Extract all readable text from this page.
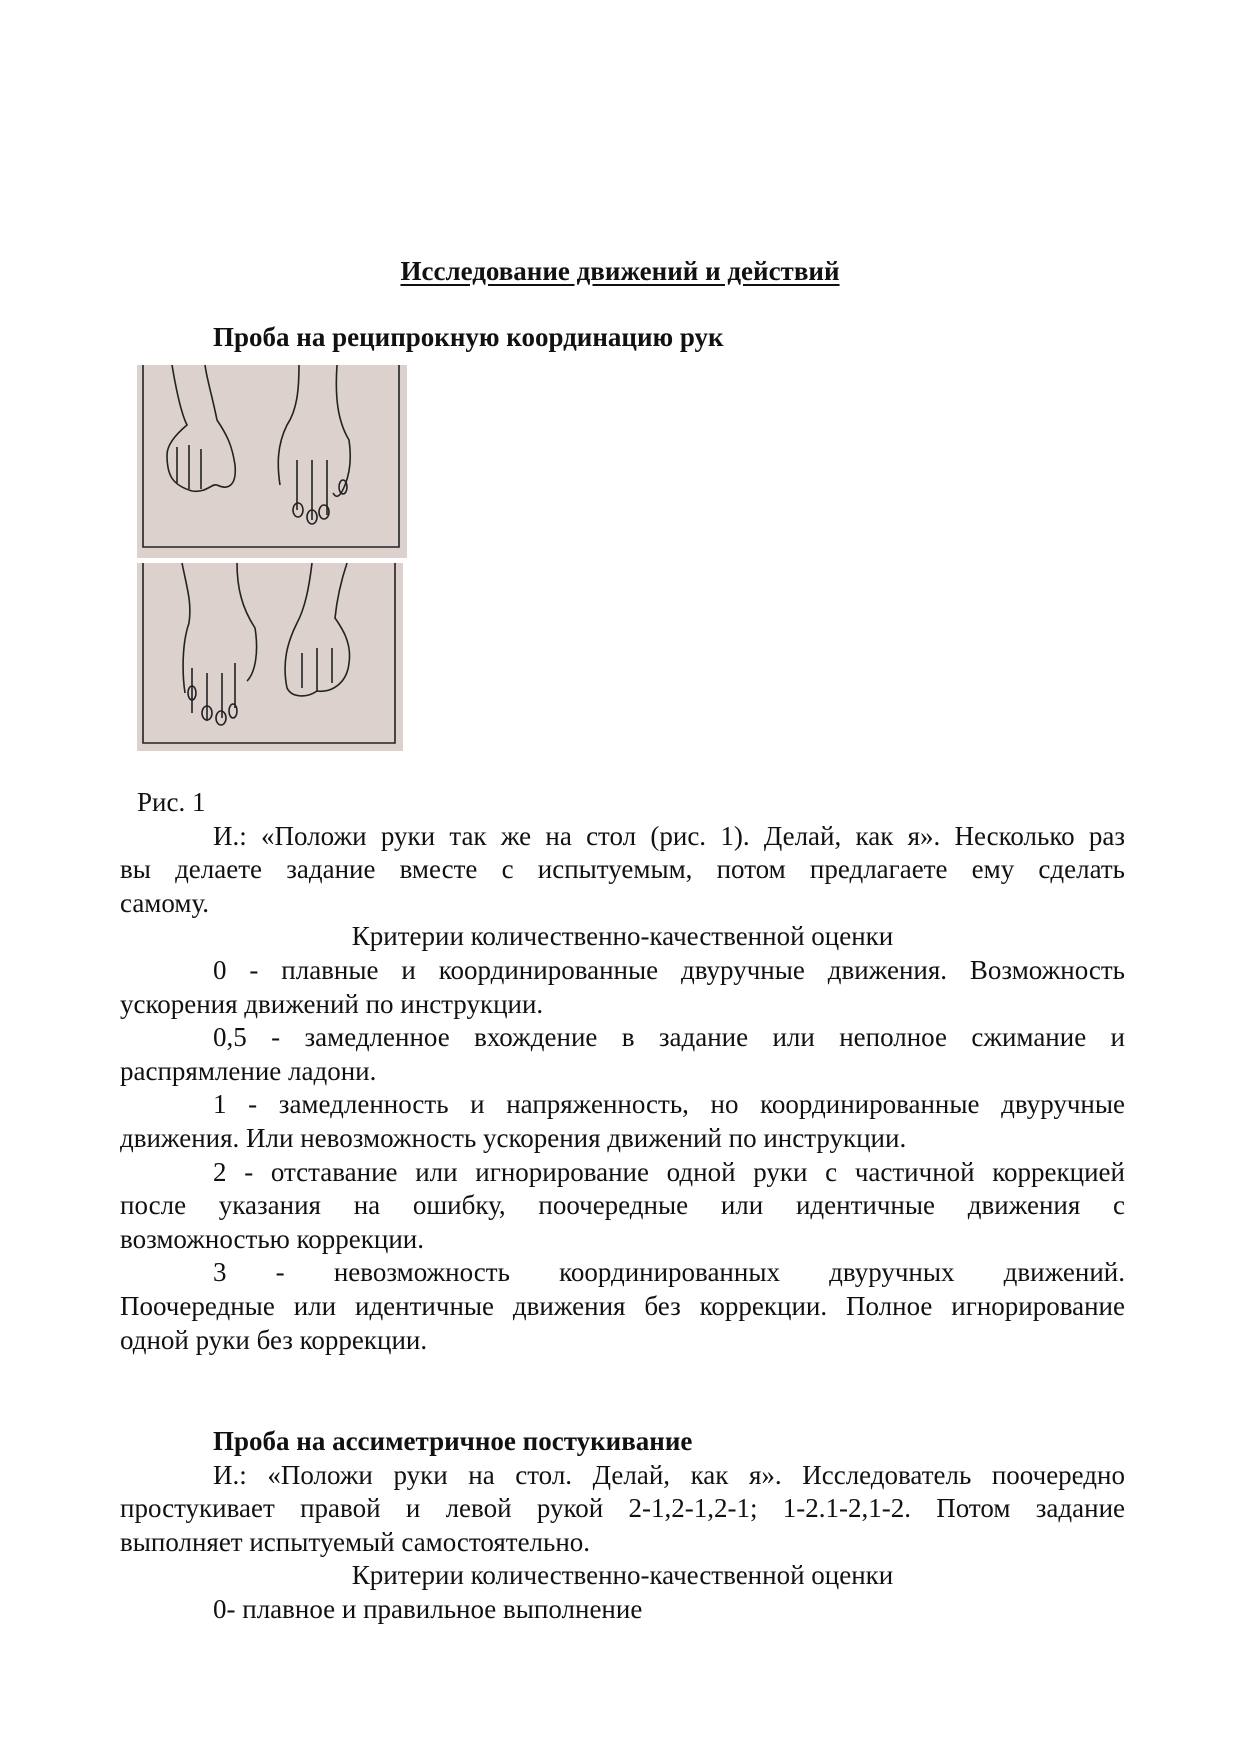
Исследование движений и действий
Проба на реципрокную координацию рук
Рис. 1
И.: «Положи руки так же на стол (рис. 1). Делай, как я». Несколько раз
вы делаете задание вместе с испытуемым, потом предлагаете ему сделать
самому.
Критерии количественно-качественной оценки
0 - плавные и координированные двуручные движения. Возможность
ускорения движений по инструкции.
0,5 - замедленное вхождение в задание или неполное сжимание и
распрямление ладони.
1 - замедленность и напряженность, но координированные двуручные
движения. Или невозможность ускорения движений по инструкции.
2 - отставание или игнорирование одной руки с частичной коррекцией
после указания на ошибку, поочередные или идентичные движения с
возможностью коррекции.
3 - невозможность координированных двуручных движений.
Поочередные или идентичные движения без коррекции. Полное игнорирование
одной руки без коррекции.
Проба на ассиметричное постукивание
И.: «Положи руки на стол. Делай, как я». Исследователь поочередно
простукивает правой и левой рукой 2-1,2-1,2-1; 1-2.1-2,1-2. Потом задание
выполняет испытуемый самостоятельно.
Критерии количественно-качественной оценки
0- плавное и правильное выполнение
